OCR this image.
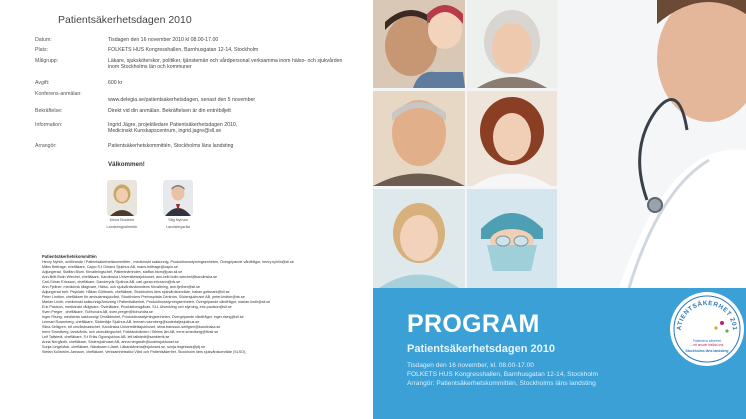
Patientsäkerhetsdagen 2010
Datum:	Tisdagen den 16 november 2010 kl 08.00-17.00
Plats:	FOLKETS HUS Kongresshallen, Barnhusgatan 12-14, Stockholm
Målgrupp:	Läkare, sjuksköterskor, politiker, tjänstemän och vårdpersonal verksamma inom hälso- och sjukvården inom Stockholms län och kommuner
Avgift:	600 kr
Konferens-anmälan:
www.delegia.se/patientsakerhetsdagen, senast den 5 november
Bekräftelse:	Direkt vid din anmälan. Bekräftelsen är din entrébiljett
Information:	Ingrid Jägre, projektledare Patientsäkerhetsdagen 2010, Medicinskt Kunskapscentrum, ingrid.jagre@sll.se
Arrangör:	Patientsäkerhetskommittén, Stockholms läns landsting
Välkommen!
Mona Boström
Landstingsdirektör
Stig Nyman
Landstingsråd
Patientsäkerhetskommittén
Henry Nyhlin, ordförande i Patientsäkerhetskommittén , medicinskt sakkunnig, Produktionsstyrningsenheten, Övergripande vårdfrågor, henry.nyhlin@sll.se
Måns Belfrage, chefläkare, Capio S:t Görans Sjukhus AB, mans.belfrage@capio.se
Adjungerad, Staffan Blom, förvaltningschef, Patientnämnden, staffan.blom@pan.sll.se
Ann-Britt Bolin Wiechel, chefläkare, Karolinska Universitetssjukhuset, ann-britt.bolin-wiechel@karolinska.se
Carl-Göran Ericsson, chefläkare, Danderyds Sjukhus AB, carl-goran.ericsson@ds.se
Ann Fjellner, medicinsk rådgivare, Hälso- och sjukvårdsnämndens förvaltning, ann.fjellner@sll.se
Adjungerad beh: Psykiatri: Håkan Göttmark, chefläkare, Stockholms läns sjukvårdsområde, hakan.gottmark@sll.se
Peter Lindton, chefläkare för ambulanssjukvård, Stockholms Prehospitala Centrum, Södersjukhuset AB, peter.lindton@ds.se
Marian Lindh, medicinskt sakkunnig/Ansvarig i Patientsäkerhet, Produktionsstyrningsenheten, Övergripande vårdfrågor, marian.lindh@sll.se
Eric Paulson, medicinskt rådgivare, Överläkare, Produktionsgåvan, SLL Utveckling och styrning, eric.paulson@sll.se
Sven Preger , chefläkare, TioHundra AB, sven.preger@tiohundra.se
Inger Rising, medicinsk sakkunnig/ Områdeshet, Produktionsstyrningsenheten, Övergripande vårdfrågor, inger.rising@sll.se
Lennart Rosenberg, chefläkare, Södertälje Sjukhus AB, lennart.rosenberg@sodertaljesjukhus.se
Stina Selligren, stf omvårdnadschef, Karolinska Universitetssjukhuset, stina.fransson-selligren@karolinska.se
Irene Smedberg, tandvårds- och utvecklingschef, Folktandvården i Sthlms län AB, irene.smedberg@ftvsll.se
Leif Tallstedt, chefläkare, S:t Eriks Ögonsjukhus AB, leif.tallstedt@sankterik.se
Anna Nergårdh, chefläkare, Södersjukhuset AB, anna.nergardh@sodersjukhuset.se
Sonja Lingebäck, chefläkare, Närakuten Löwet, Läkarstämma@sjukvard.se, sonja.lingeback@ptj.se
Stefan Kullström-Jansson, chefläkare, Verksamhetsstöd Vård och Patientsäkerhet, Stockholm läns sjukvårdsområde (SLSO),
PROGRAM
Patientsäkerhetsdagen 2010
Tisdagen den 16 november, kl. 08.00-17.00
FOLKETS HUS Kongresshallen, Barnhusgatan 12-14, Stockholm
Arrangör: Patientsäkerhetskommittén, Stockholms läns landsting
ATIENTSÄKERHET 201
Patientens säkerhet
– ett ansvar mellan oss
Stockholms läns landsting
